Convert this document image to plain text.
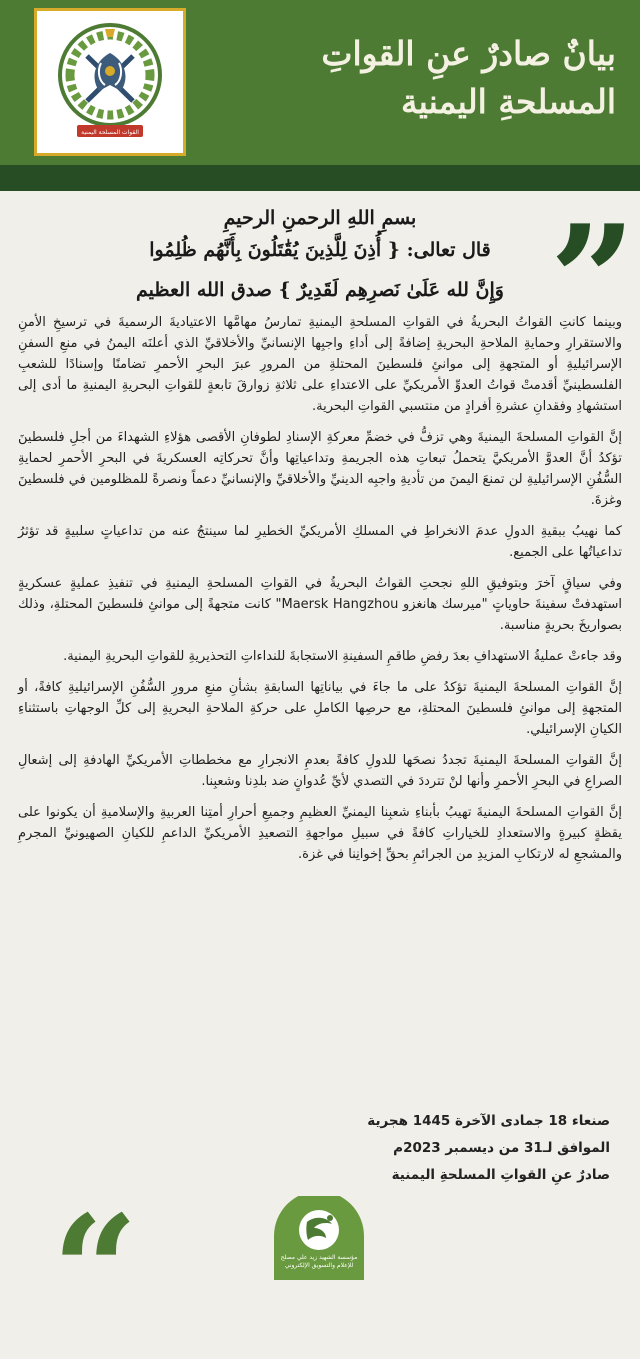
القوات المسلحة اليمنية
بيانٌ صادرٌ عنِ القواتِ
المسلحةِ اليمنية
“
بسمِ اللهِ الرحمنِ الرحيمِ
قال تعالى: { أُذِنَ لِلَّذِينَ يُقَٰتَلُونَ بِأَنَّهُم ظُلِمُوا
وَإِنَّ لله عَلَىٰ نَصرِهِم لَقَدِيرٌ } صدق الله العظيم

وبينما كانتِ القواتُ البحريةُ في القواتِ المسلحةِ اليمنيةِ تمارسُ مهامَّها الاعتياديةَ الرسميةَ في ترسيخِ الأمنِ والاستقرارِ وحمايةِ الملاحةِ البحريةِ إضافةً إلى أداءِ واجبِها الإنسانيِّ والأخلاقيِّ الذي أعلنَه اليمنُ في منعِ السفنِ الإسرائيليةِ أو المتجهةِ إلى موانئِ فلسطينَ المحتلةِ من المرورِ عبرَ البحرِ الأحمرِ تضامنًا وإسنادًا للشعبِ الفلسطينيِّ أقدمتْ قواتُ العدوِّ الأمريكيِّ على الاعتداءِ على ثلاثةِ زوارقَ تابعةٍ للقواتِ البحريةِ اليمنيةِ ما أدى إلى استشهادِ وفقدانِ عشرةِ أفرادٍ من منتسبي القواتِ البحرية.

إنَّ القواتِ المسلحةَ اليمنيةَ وهي تزفُّ في خضمِّ معركةِ الإسنادِ لطوفانِ الأقصى هؤلاءِ الشهداءَ من أجلِ فلسطينَ تؤكدُ أنَّ العدوَّ الأمريكيَّ يتحملُ تبعاتِ هذه الجريمةِ وتداعياتِها وأنَّ تحركاتِه العسكريةَ في البحرِ الأحمرِ لحمايةِ السُّفُنِ الإسرائيليةِ لن تمنعَ اليمنَ من تأديةِ واجبِه الدينيِّ والأخلاقيِّ والإنسانيِّ دعماً ونصرةً للمظلومين في فلسطينَ وغزةَ.

كما نهيبُ ببقيةِ الدولِ عدمَ الانخراطِ في المسلكِ الأمريكيِّ الخطيرِ لما سينتجُ عنه من تداعياتٍ سلبيةٍ قد تؤثرُ تداعياتُها على الجميع.

وفي سياقٍ آخرَ وبتوفيقِ اللهِ نجحتِ القواتُ البحريةُ في القواتِ المسلحةِ اليمنيةِ في تنفيذِ عمليةٍ عسكريةٍ استهدفتْ سفينةَ حاوياتٍ "ميرسك هانغزو Maersk Hangzhou" كانت متجهةً إلى موانئِ فلسطينَ المحتلةِ، وذلك بصواريخَ بحريةٍ مناسبة.

وقد جاءتْ عمليةُ الاستهدافِ بعدَ رفضِ طاقمِ السفينةِ الاستجابةَ للنداءاتِ التحذيريةِ للقواتِ البحريةِ اليمنية.

إنَّ القواتِ المسلحةَ اليمنيةَ تؤكدُ على ما جاءَ في بياناتِها السابقةِ بشأنِ منعِ مرورِ السُّفُنِ الإسرائيليةِ كافةً، أو المتجهةِ إلى موانئِ فلسطينَ المحتلةِ، مع حرصِها الكاملِ على حركةِ الملاحةِ البحريةِ إلى كلِّ الوجهاتِ باستثناءِ الكيانِ الإسرائيلي.

إنَّ القواتِ المسلحةَ اليمنيةَ تجددُ نصحَها للدولِ كافةً بعدمِ الانجرارِ مع مخططاتِ الأمريكيِّ الهادفةِ إلى إشعالِ الصراعِ في البحرِ الأحمرِ وأنها لنْ تترددَ في التصدي لأيِّ عُدوانٍ ضد بلدِنا وشعبِنا.

إنَّ القواتِ المسلحةَ اليمنيةَ تهيبُ بأبناءِ شعبِنا اليمنيِّ العظيمِ وجميعِ أحرارِ أمتِنا العربيةِ والإسلاميةِ أن يكونوا على يقظةٍ كبيرةٍ والاستعدادِ للخياراتِ كافةً في سبيلِ مواجهةِ التصعيدِ الأمريكيِّ الداعمِ للكيانِ الصهيونيِّ المجرمِ والمشجعِ له لارتكابِ المزيدِ من الجرائمِ بحقِّ إخوانِنا في غزة.

صنعاء 18 جمادى الآخرة 1445 هجرية
الموافق لـ31 من ديسمبر 2023م
صادرٌ عنِ القواتِ المسلحةِ اليمنية
“	مؤسسة الشهيد زيد علي مصلح
للإعلام والتسويق الإلكتروني
